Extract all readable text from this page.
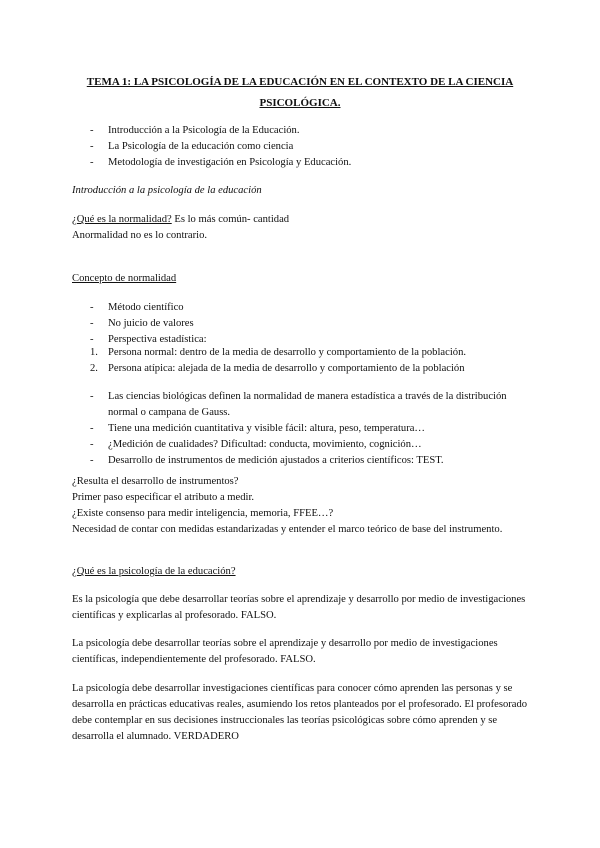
TEMA 1: LA PSICOLOGÍA DE LA EDUCACIÓN EN EL CONTEXTO DE LA CIENCIA PSICOLÓGICA.
- Introducción a la Psicología de la Educación.
- La Psicología de la educación como ciencia
- Metodología de investigación en Psicología y Educación.
Introducción a la psicología de la educación
¿Qué es la normalidad? Es lo más común- cantidad
Anormalidad no es lo contrario.
Concepto de normalidad
- Método científico
- No juicio de valores
- Perspectiva estadística:
1. Persona normal: dentro de la media de desarrollo y comportamiento de la población.
2. Persona atípica: alejada de la media de desarrollo y comportamiento de la población
- Las ciencias biológicas definen la normalidad de manera estadística a través de la distribución normal o campana de Gauss.
- Tiene una medición cuantitativa y visible fácil: altura, peso, temperatura…
- ¿Medición de cualidades? Dificultad: conducta, movimiento, cognición…
- Desarrollo de instrumentos de medición ajustados a criterios científicos: TEST.
¿Resulta el desarrollo de instrumentos?
Primer paso especificar el atributo a medir.
¿Existe consenso para medir inteligencia, memoria, FFEE…?
Necesidad de contar con medidas estandarizadas y entender el marco teórico de base del instrumento.
¿Qué es la psicología de la educación?
Es la psicología que debe desarrollar teorías sobre el aprendizaje y desarrollo por medio de investigaciones científicas y explicarlas al profesorado. FALSO.
La psicología debe desarrollar teorías sobre el aprendizaje y desarrollo por medio de investigaciones científicas, independientemente del profesorado. FALSO.
La psicología debe desarrollar investigaciones científicas para conocer cómo aprenden las personas y se desarrolla en prácticas educativas reales, asumiendo los retos planteados por el profesorado. El profesorado debe contemplar en sus decisiones instruccionales las teorías psicológicas sobre cómo aprenden y se desarrolla el alumnado. VERDADERO
